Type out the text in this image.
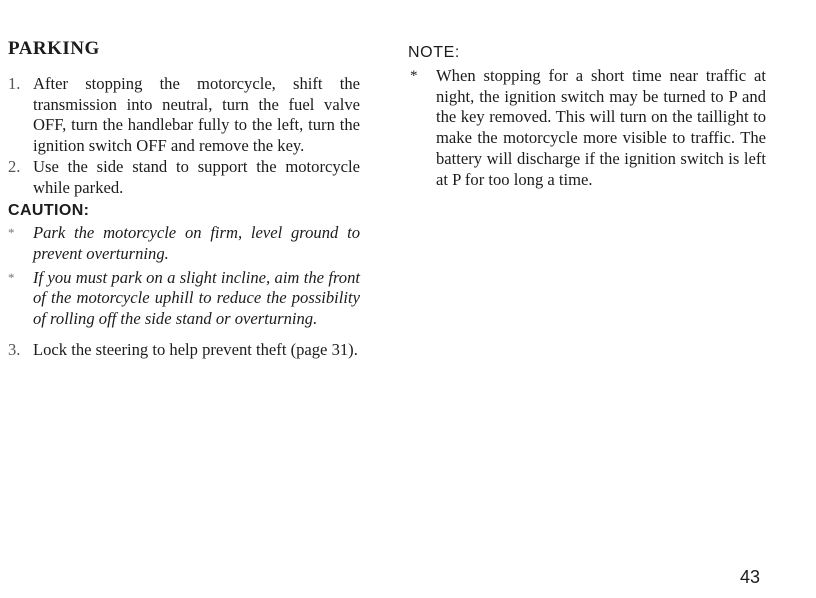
PARKING
1. After stopping the motorcycle, shift the transmission into neutral, turn the fuel valve OFF, turn the handlebar fully to the left, turn the ignition switch OFF and remove the key.
2. Use the side stand to support the motorcycle while parked.
CAUTION:
* Park the motorcycle on firm, level ground to prevent overturning.
* If you must park on a slight incline, aim the front of the motorcycle uphill to reduce the possibility of rolling off the side stand or overturning.
3. Lock the steering to help prevent theft (page 31).
NOTE:
* When stopping for a short time near traffic at night, the ignition switch may be turned to P and the key removed. This will turn on the taillight to make the motorcycle more visible to traffic. The battery will discharge if the ignition switch is left at P for too long a time.
43
